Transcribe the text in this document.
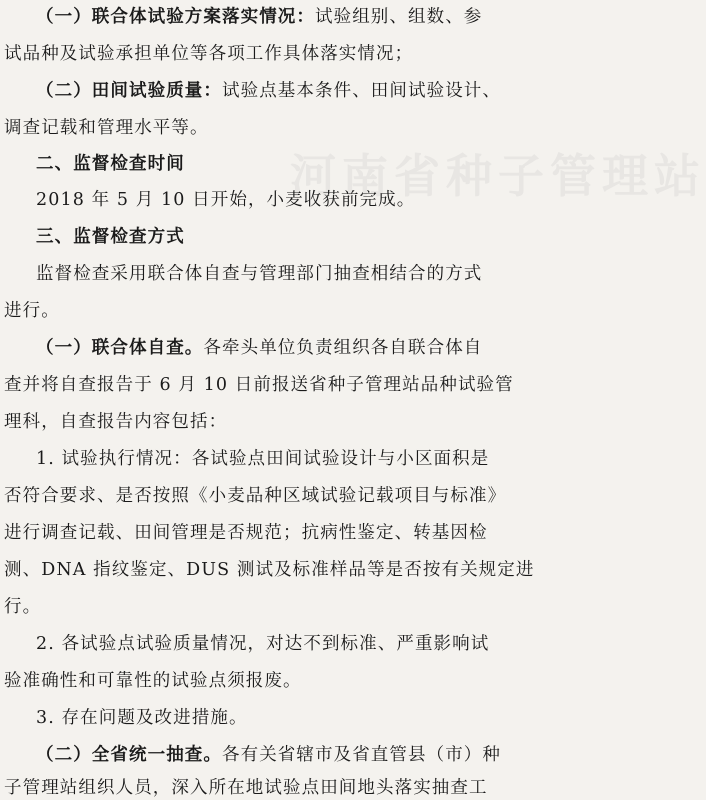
河南省种子管理站
（一）联合体试验方案落实情况：试验组别、组数、参
试品种及试验承担单位等各项工作具体落实情况；
（二）田间试验质量：试验点基本条件、田间试验设计、
调查记载和管理水平等。
二、监督检查时间
2018 年 5 月 10 日开始，小麦收获前完成。
三、监督检查方式
监督检查采用联合体自查与管理部门抽查相结合的方式
进行。
（一）联合体自查。各牵头单位负责组织各自联合体自
查并将自查报告于 6 月 10 日前报送省种子管理站品种试验管
理科，自查报告内容包括：
1. 试验执行情况：各试验点田间试验设计与小区面积是
否符合要求、是否按照《小麦品种区域试验记载项目与标准》
进行调查记载、田间管理是否规范；抗病性鉴定、转基因检
测、DNA 指纹鉴定、DUS 测试及标准样品等是否按有关规定进
行。
2. 各试验点试验质量情况，对达不到标准、严重影响试
验准确性和可靠性的试验点须报废。
3. 存在问题及改进措施。
（二）全省统一抽查。各有关省辖市及省直管县（市）种
子管理站组织人员，深入所在地试验点田间地头落实抽查工
